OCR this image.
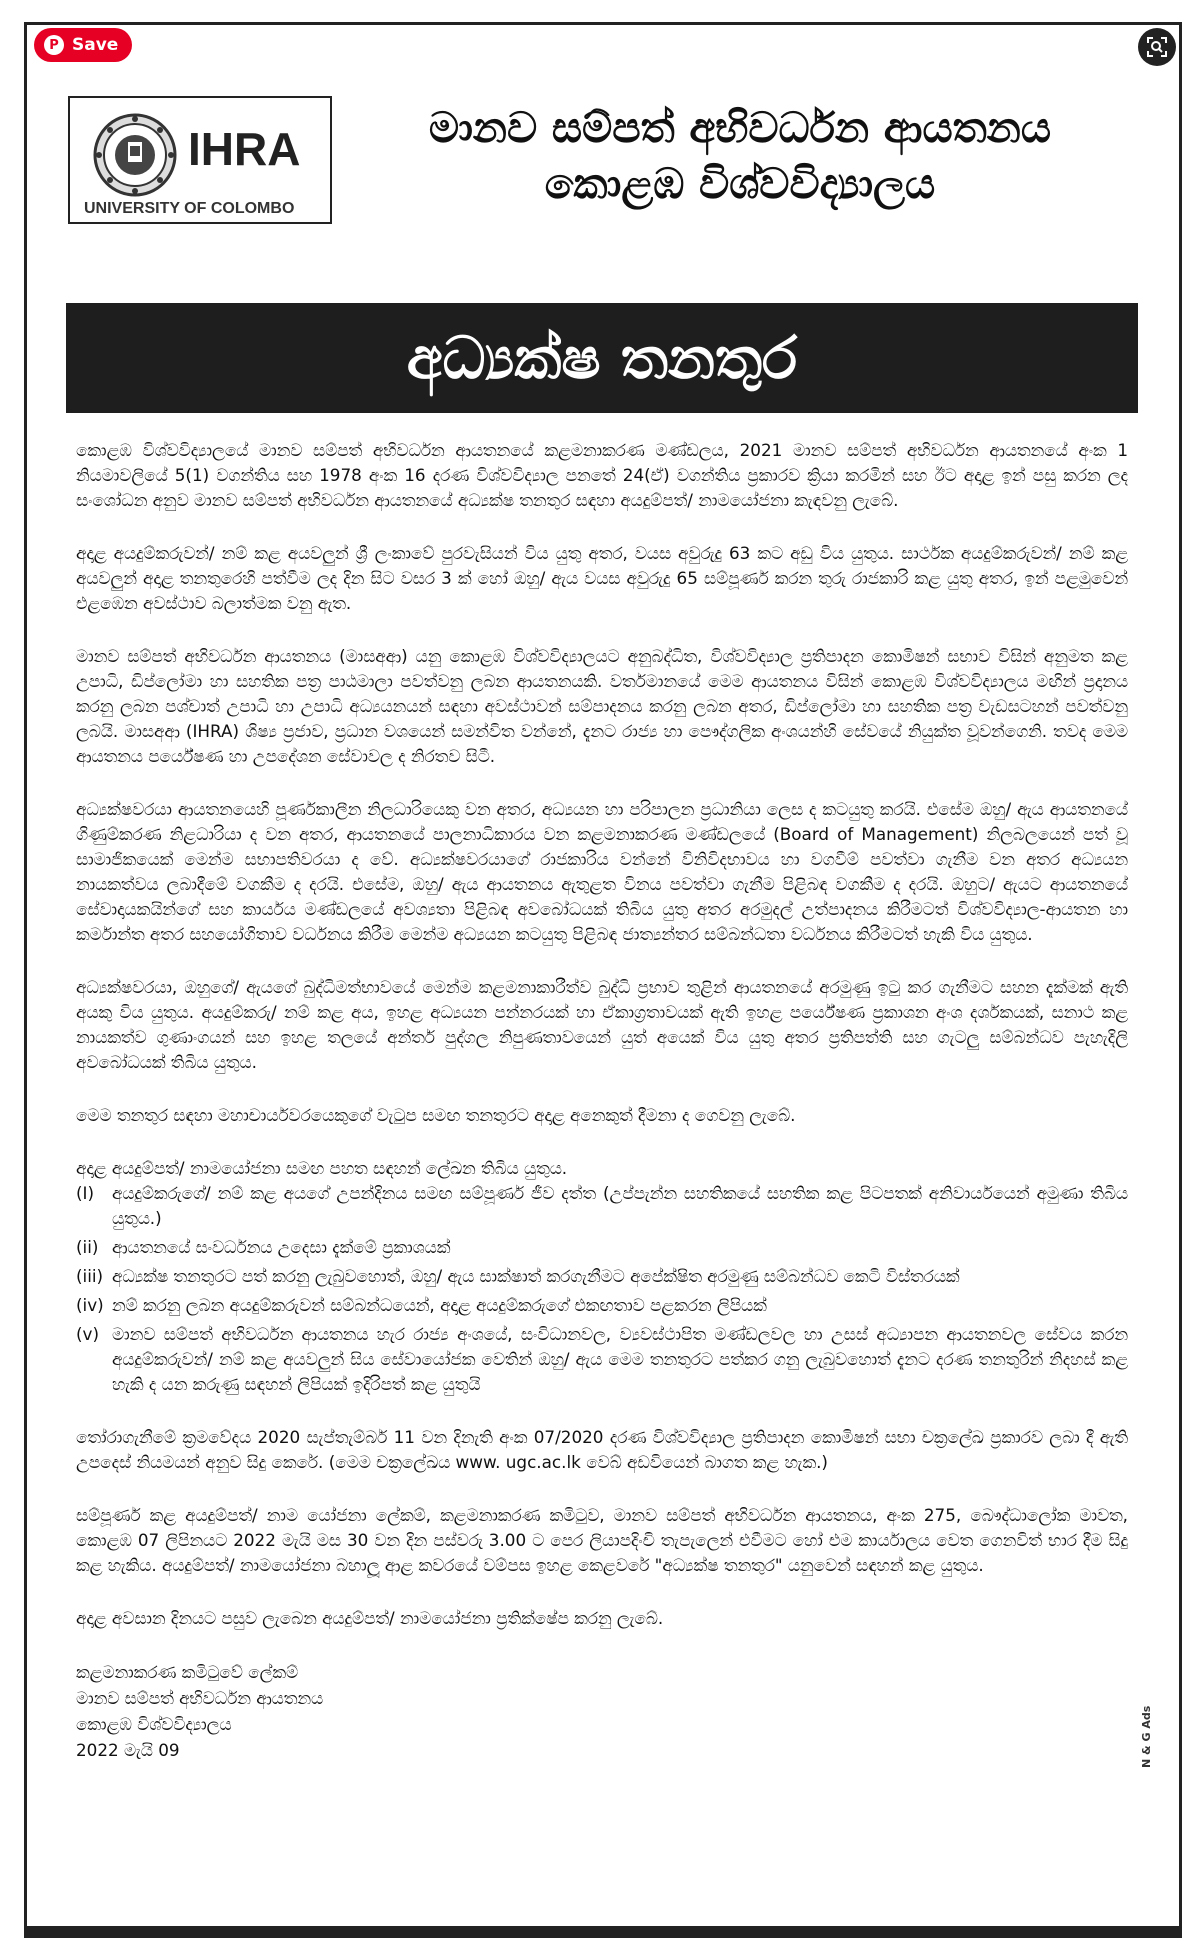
P Save
IHRA
UNIVERSITY OF COLOMBO
මානව සම්පත් අභිවර්ධන ආයතනය
කොළඹ විශ්වවිද්‍යාලය
අධ්‍යක්ෂ තනතුර

කොළඹ විශ්වවිද්‍යාලයේ මානව සම්පත් අභිවර්ධන ආයතනයේ කළමනාකරණ මණ්ඩලය, 2021 මානව සම්පත් අභිවර්ධන ආයතනයේ අංක 1 නියමාවලියේ 5(1) වගන්තිය සහ 1978 අංක 16 දරණ විශ්වවිද්‍යාල පනතේ 24(ඒ) වගන්තිය ප්‍රකාරව ක්‍රියා කරමින් සහ ඊට අදාළ ඉන් පසු කරන ලද සංශෝධන අනුව මානව සම්පත් අභිවර්ධන ආයතනයේ අධ්‍යක්ෂ තනතුර සඳහා අයදුම්පත්/ නාමයෝජනා කැඳවනු ලැබේ.

අදාළ අයදුම්කරුවන්/ නම් කළ අයවලුන් ශ්‍රී ලංකාවේ පුරවැසියන් විය යුතු අතර, වයස අවුරුදු 63 කට අඩු විය යුතුය. සාර්ථක අයදුම්කරුවන්/ නම් කළ අයවලුන් අදාළ තනතුරෙහි පත්වීම ලද දින සිට වසර 3 ක් හෝ ඔහු/ ඇය වයස අවුරුදු 65 සම්පූර්ණ කරන තුරු රාජකාරි කළ යුතු අතර, ඉන් පළමුවෙන් එළඹෙන අවස්ථාව බලාත්මක වනු ඇත.

මානව සම්පත් අභිවර්ධන ආයතනය (මාසඅආ) යනු කොළඹ විශ්වවිද්‍යාලයට අනුබද්ධිත, විශ්වවිද්‍යාල ප්‍රතිපාදන කොමිෂන් සභාව විසින් අනුමත කළ උපාධි, ඩිප්ලෝමා හා සහතික පත්‍ර පාඨමාලා පවත්වනු ලබන ආයතනයකි. වර්තමානයේ මෙම ආයතනය විසින් කොළඹ විශ්වවිද්‍යාලය මඟින් ප්‍රදානය කරනු ලබන පශ්චාත් උපාධි හා උපාධි අධ්‍යයනයන් සඳහා අවස්ථාවන් සම්පාදනය කරනු ලබන අතර, ඩිප්ලෝමා හා සහතික පත්‍ර වැඩසටහන් පවත්වනු ලබයි. මාසඅආ (IHRA) ශිෂ්‍ය ප්‍රජාව, ප්‍රධාන වශයෙන් සමන්විත වන්නේ, දැනට රාජ්‍ය හා පෞද්ගලික අංශයන්හි සේවයේ නියුක්ත වූවන්ගෙනි. තවද මෙම ආයතනය පර්යේෂණ හා උපදේශන සේවාවල ද නිරතව සිටී.

අධ්‍යක්ෂවරයා ආයතනයෙහි පූර්ණකාලීන නිලධාරියෙකු වන අතර, අධ්‍යයන හා පරිපාලන ප්‍රධානියා ලෙස ද කටයුතු කරයි. එසේම ඔහු/ ඇය ආයතනයේ ගිණුම්කරණ නිළධාරියා ද වන අතර, ආයතනයේ පාලනාධිකාරය වන කළමනාකරණ මණ්ඩලයේ (Board of Management) නිලබලයෙන් පත් වූ සාමාජිකයෙක් මෙන්ම සභාපතිවරයා ද වේ. අධ්‍යක්ෂවරයාගේ රාජකාරිය වන්නේ විනිවිදභාවය හා වගවීම් පවත්වා ගැනීම වන අතර අධ්‍යයන නායකත්වය ලබාදීමේ වගකීම ද දරයි. එසේම, ඔහු/ ඇය ආයතනය ඇතුළත විනය පවත්වා ගැනීම පිළිබඳ වගකීම ද දරයි. ඔහුට/ ඇයට ආයතනයේ සේවාදායකයින්ගේ සහ කාර්යය මණ්ඩලයේ අවශ්‍යතා පිළිබඳ අවබෝධයක් තිබිය යුතු අතර අරමුදල් උත්පාදනය කිරීමටත් විශ්වවිද්‍යාල-ආයතන හා කර්මාන්ත අතර සහයෝගිතාව වර්ධනය කිරීම මෙන්ම අධ්‍යයන කටයුතු පිළිබඳ ජාත්‍යන්තර සම්බන්ධතා වර්ධනය කිරීමටත් හැකි විය යුතුය.

අධ්‍යක්ෂවරයා, ඔහුගේ/ ඇයගේ බුද්ධිමත්භාවයේ මෙන්ම කළමනාකාරීත්ව බුද්ධි ප්‍රභාව තුළින් ආයතනයේ අරමුණු ඉටු කර ගැනීමට සහන දැක්මක් ඇති අයකු විය යුතුය. අයදුම්කරු/ නම් කළ අය, ඉහළ අධ්‍යයන පන්නරයක් හා ඒකාග්‍රතාවයක් ඇති ඉහළ පර්යේෂණ ප්‍රකාශන අංශ දර්ශකයක්, සනාථ කළ නායකත්ව ගුණාංගයන් සහ ඉහළ තලයේ අන්තර් පුද්ගල නිපුණතාවයෙන් යුත් අයෙක් විය යුතු අතර ප්‍රතිපත්ති සහ ගැටලු සම්බන්ධව පැහැදිලි අවබෝධයක් තිබිය යුතුය.

මෙම තනතුර සඳහා මහාචාර්යවරයෙකුගේ වැටුප සමඟ තනතුරට අදාළ අනෙකුත් දීමනා ද ගෙවනු ලැබේ.

අදාළ අයදුම්පත්/ නාමයෝජනා සමඟ පහත සඳහන් ලේඛන තිබිය යුතුය.
(I)	අයදුම්කරුගේ/ නම් කළ අයගේ උපන්දිනය සමඟ සම්පූර්ණ ජීව දත්ත (උප්පැන්න සහතිකයේ සහතික කළ පිටපතක් අනිවාර්යයෙන් අමුණා තිබිය යුතුය.)
(ii) ආයතනයේ සංවර්ධනය උදෙසා දැක්මේ ප්‍රකාශයක්
(iii) අධ්‍යක්ෂ තනතුරට පත් කරනු ලැබුවහොත්, ඔහු/ ඇය සාක්ෂාත් කරගැනීමට අපේක්ෂිත අරමුණු සම්බන්ධව කෙටි විස්තරයක්
(iv) නම් කරනු ලබන අයදුම්කරුවන් සම්බන්ධයෙන්, අදාළ අයදුම්කරුගේ එකඟතාව පළකරන ලිපියක්
(v) මානව සම්පත් අභිවර්ධන ආයතනය හැර රාජ්‍ය අංශයේ, සංවිධානවල, ව්‍යවස්ථාපිත මණ්ඩලවල හා උසස් අධ්‍යාපන ආයතනවල සේවය කරන අයදුම්කරුවන්/ නම් කළ අයවලුන් සිය සේවායෝජක වෙතින් ඔහු/ ඇය මෙම තනතුරට පත්කර ගනු ලැබුවහොත් දැනට දරණ තනතුරින් නිදහස් කළ හැකි ද යන කරුණු සඳහන් ලිපියක් ඉදිරිපත් කළ යුතුයි

තෝරාගැනීමේ ක්‍රමවේදය 2020 සැප්තැම්බර් 11 වන දිනැති අංක 07/2020 දරණ විශ්වවිද්‍යාල ප්‍රතිපාදන කොමිෂන් සභා චක්‍රලේඛ ප්‍රකාරව ලබා දී ඇති උපදෙස් නියමයන් අනුව සිදු කෙරේ. (මෙම චක්‍රලේඛය www. ugc.ac.lk වෙබ් අඩවියෙන් බාගත කළ හැක.)

සම්පූර්ණ කළ අයදුම්පත්/ නාම යෝජනා ලේකම්, කළමනාකරණ කමිටුව, මානව සම්පත් අභිවර්ධන ආයතනය, අංක 275, බෞද්ධාලෝක මාවත, කොළඹ 07 ලිපිනයට 2022 මැයි මස 30 වන දින පස්වරු 3.00 ට පෙර ලියාපදිංචි තැපැලෙන් එවීමට හෝ එම කාර්යාලය වෙත ගෙනවිත් භාර දීම සිදු කළ හැකිය. අයදුම්පත්/ නාමයෝජනා බහාලූ ආළ කවරයේ වම්පස ඉහළ කෙළවරේ "අධ්‍යක්ෂ තනතුර" යනුවෙන් සඳහන් කළ යුතුය.

අදාළ අවසාන දිනයට පසුව ලැබෙන අයදුම්පත්/ නාමයෝජනා ප්‍රතික්ෂේප කරනු ලැබේ.

කළමනාකරණ කමිටුවේ ලේකම්
මානව සම්පත් අභිවර්ධන ආයතනය
කොළඹ විශ්වවිද්‍යාලය
2022 මැයි 09	N & G Ads
